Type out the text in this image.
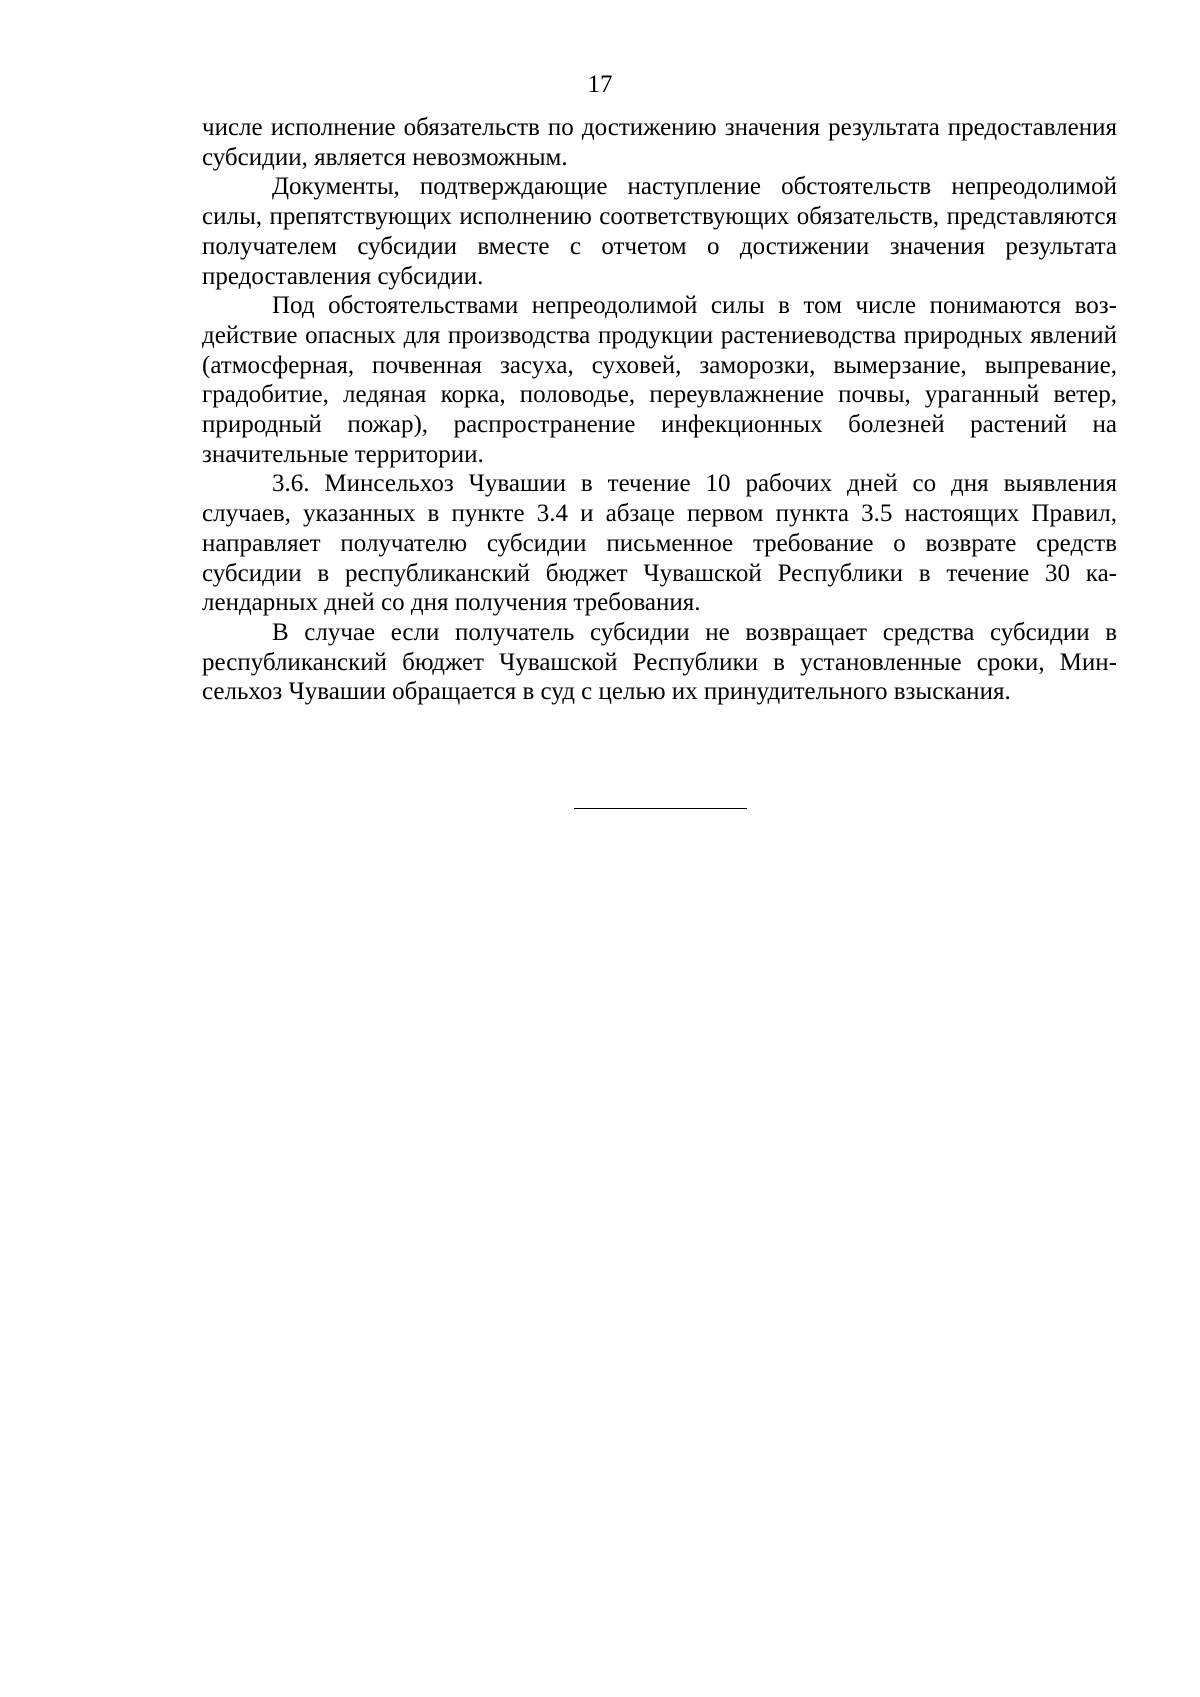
17

числе исполнение обязательств по достижению значения результата предоставления субсидии, является невозможным.

Документы, подтверждающие наступление обстоятельств непреодолимой силы, препятствующих исполнению соответствующих обязательств, представляются получателем субсидии вместе с отчетом о достижении значения результата предоставления субсидии.

Под обстоятельствами непреодолимой силы в том числе понимаются воздействие опасных для производства продукции растениеводства природных явлений (атмосферная, почвенная засуха, суховей, заморозки, вымерзание, выпревание, градобитие, ледяная корка, половодье, переувлажнение почвы, ураганный ветер, природный пожар), распространение инфекционных болезней растений на значительные территории.

3.6. Минсельхоз Чувашии в течение 10 рабочих дней со дня выявления случаев, указанных в пункте 3.4 и абзаце первом пункта 3.5 настоящих Правил, направляет получателю субсидии письменное требование о возврате средств субсидии в республиканский бюджет Чувашской Республики в течение 30 календарных дней со дня получения требования.

В случае если получатель субсидии не возвращает средства субсидии в республиканский бюджет Чувашской Республики в установленные сроки, Минсельхоз Чувашии обращается в суд с целью их принудительного взыскания.
